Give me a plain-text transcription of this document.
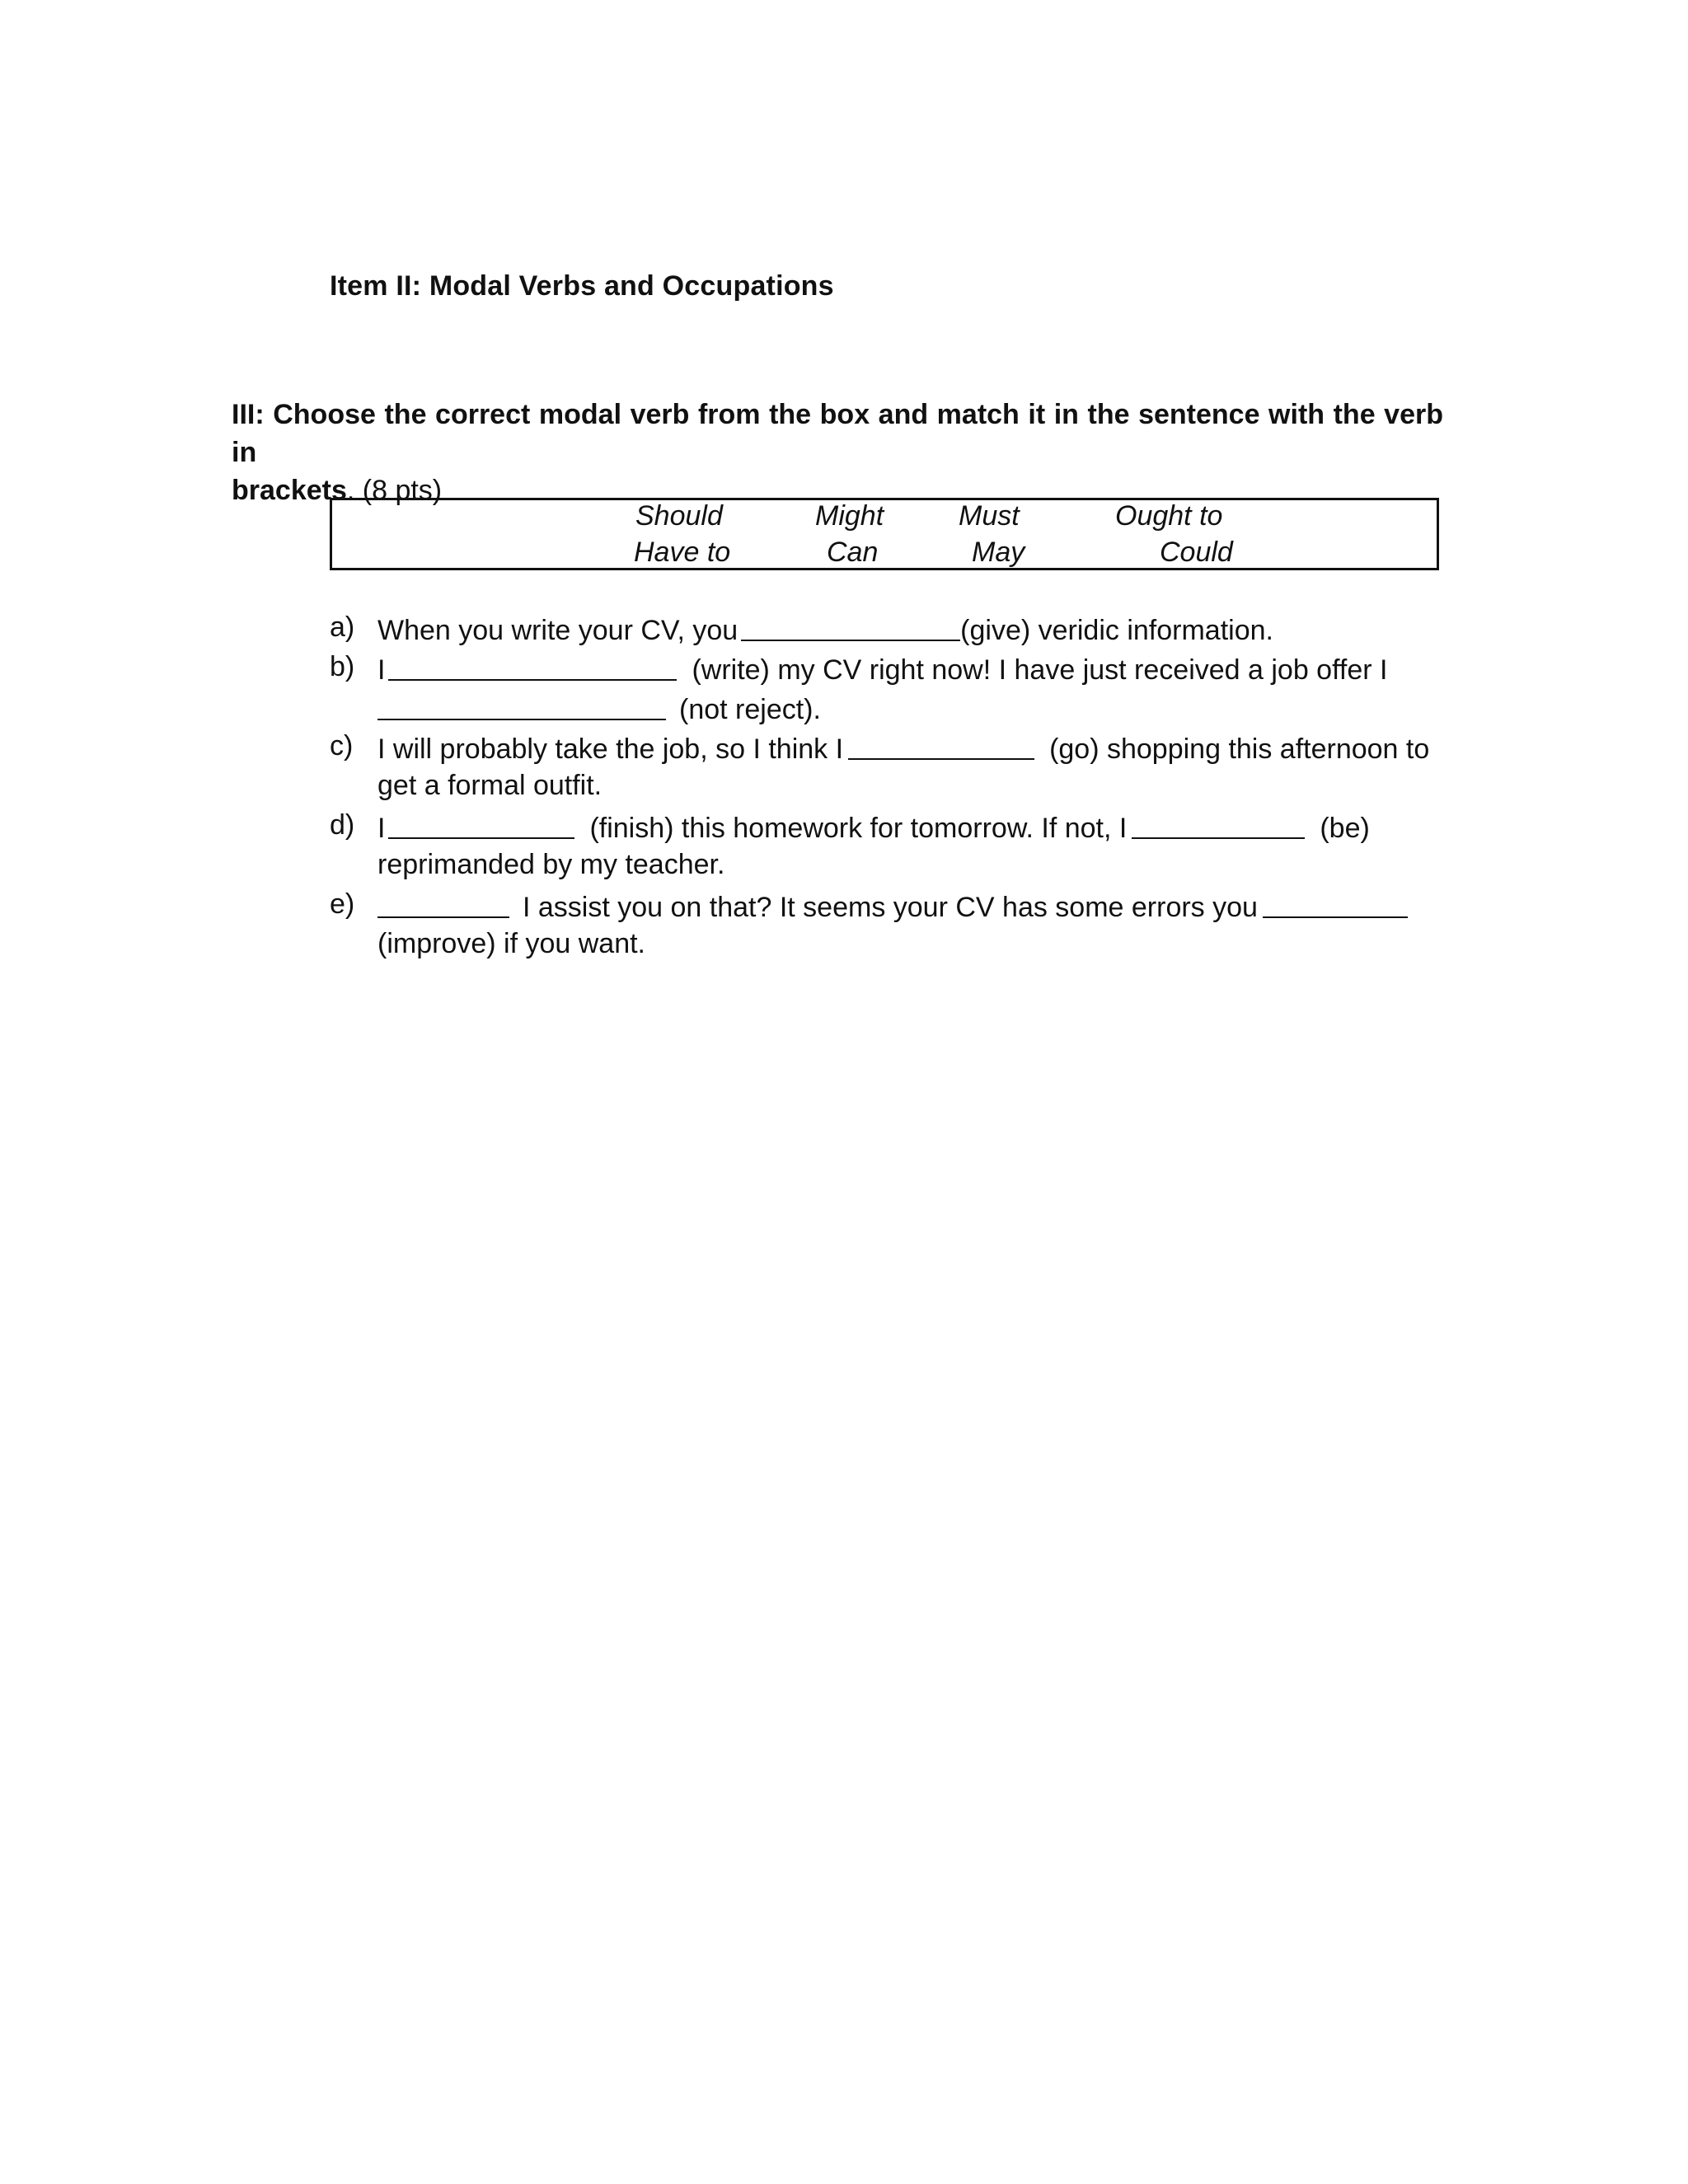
Item II: Modal Verbs and Occupations
III: Choose the correct modal verb from the box and match it in the sentence with the verb in
brackets. (8 pts)
Should	Might	Must	Ought to
Have to	Can	May	Could
a) When you write your CV, you	(give) veridic information.
b) I	(write) my CV right now! I have just received a job offer I
(not reject).
c) I will probably take the job, so I think I	(go) shopping this afternoon to
get a formal outfit.
d) I	(finish) this homework for tomorrow. If not, I	(be)
reprimanded by my teacher.
e)	I assist you on that? It seems your CV has some errors you
(improve) if you want.
